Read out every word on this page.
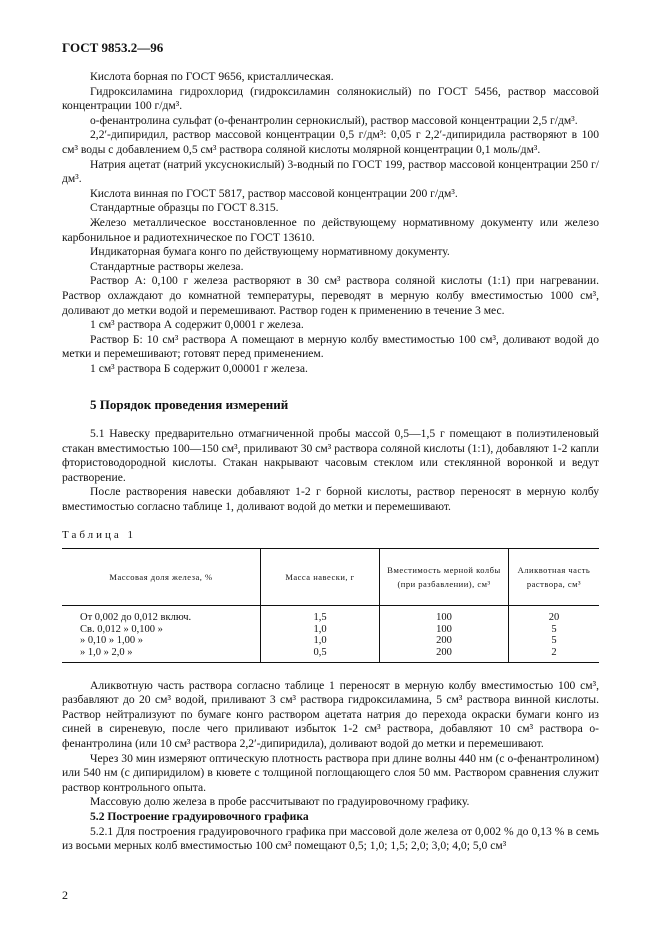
ГОСТ 9853.2—96

Кислота борная по ГОСТ 9656, кристаллическая.

Гидроксиламина гидрохлорид (гидроксиламин солянокислый) по ГОСТ 5456, раствор массовой концентрации 100 г/дм³.

о-фенантролина сульфат (о-фенантролин сернокислый), раствор массовой концентрации 2,5 г/дм³.

2,2′-дипиридил, раствор массовой концентрации 0,5 г/дм³: 0,05 г 2,2′-дипиридила растворяют в 100 см³ воды с добавлением 0,5 см³ раствора соляной кислоты молярной концентрации 0,1 моль/дм³.

Натрия ацетат (натрий уксуснокислый) 3-водный по ГОСТ 199, раствор массовой концентрации 250 г/дм³.

Кислота винная по ГОСТ 5817, раствор массовой концентрации 200 г/дм³.

Стандартные образцы по ГОСТ 8.315.

Железо металлическое восстановленное по действующему нормативному документу или железо карбонильное и радиотехническое по ГОСТ 13610.

Индикаторная бумага конго по действующему нормативному документу.

Стандартные растворы железа.

Раствор А: 0,100 г железа растворяют в 30 см³ раствора соляной кислоты (1:1) при нагревании. Раствор охлаждают до комнатной температуры, переводят в мерную колбу вместимостью 1000 см³, доливают до метки водой и перемешивают. Раствор годен к применению в течение 3 мес.

1 см³ раствора А содержит 0,0001 г железа.

Раствор Б: 10 см³ раствора А помещают в мерную колбу вместимостью 100 см³, доливают водой до метки и перемешивают; готовят перед применением.

1 см³ раствора Б содержит 0,00001 г железа.

5 Порядок проведения измерений

5.1 Навеску предварительно отмагниченной пробы массой 0,5—1,5 г помещают в полиэтиленовый стакан вместимостью 100—150 см³, приливают 30 см³ раствора соляной кислоты (1:1), добавляют 1-2 капли фтористоводородной кислоты. Стакан накрывают часовым стеклом или стеклянной воронкой и ведут растворение.

После растворения навески добавляют 1-2 г борной кислоты, раствор переносят в мерную колбу вместимостью согласно таблице 1, доливают водой до метки и перемешивают.

Таблица 1
Массовая доля железа, %	Масса навески, г	Вместимость мерной колбы (при разбавлении), см³	Аликвотная часть раствора, см³
От 0,002 до 0,012 включ.	1,5	100	20
Св. 0,012 » 0,100 »	1,0	100	5
» 0,10 » 1,00 »	1,0	200	5
» 1,0 » 2,0 »	0,5	200	2

Аликвотную часть раствора согласно таблице 1 переносят в мерную колбу вместимостью 100 см³, разбавляют до 20 см³ водой, приливают 3 см³ раствора гидроксиламина, 5 см³ раствора винной кислоты. Раствор нейтрализуют по бумаге конго раствором ацетата натрия до перехода окраски бумаги конго из синей в сиреневую, после чего приливают избыток 1-2 см³ раствора, добавляют 10 см³ раствора о-фенантролина (или 10 см³ раствора 2,2′-дипиридила), доливают водой до метки и перемешивают.

Через 30 мин измеряют оптическую плотность раствора при длине волны 440 нм (с о-фенантролином) или 540 нм (с дипиридилом) в кювете с толщиной поглощающего слоя 50 мм. Раствором сравнения служит раствор контрольного опыта.

Массовую долю железа в пробе рассчитывают по градуировочному графику.

5.2 Построение градуировочного графика

5.2.1 Для построения градуировочного графика при массовой доле железа от 0,002 % до 0,13 % в семь из восьми мерных колб вместимостью 100 см³ помещают 0,5; 1,0; 1,5; 2,0; 3,0; 4,0; 5,0 см³

2
